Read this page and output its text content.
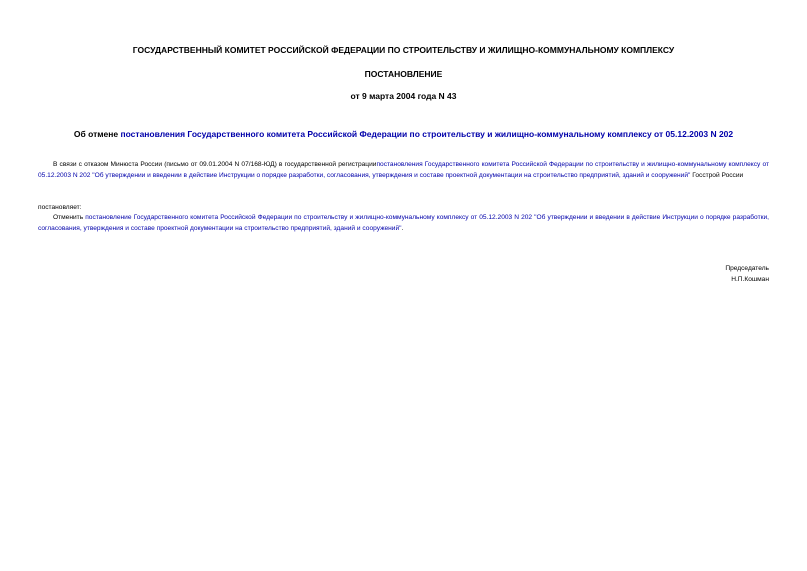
ГОСУДАРСТВЕННЫЙ КОМИТЕТ РОССИЙСКОЙ ФЕДЕРАЦИИ ПО СТРОИТЕЛЬСТВУ И ЖИЛИЩНО-КОММУНАЛЬНОМУ КОМПЛЕКСУ
ПОСТАНОВЛЕНИЕ
от 9 марта 2004 года N 43
Об отмене постановления Государственного комитета Российской Федерации по строительству и жилищно-коммунальному комплексу от 05.12.2003 N 202
В связи с отказом Минюста России (письмо от 09.01.2004 N 07/168-ЮД) в государственной регистрациипостановления Государственного комитета Российской Федерации по строительству и жилищно-коммунальному комплексу от 05.12.2003 N 202 "Об утверждении и введении в действие Инструкции о порядке разработки, согласования, утверждения и составе проектной документации на строительство предприятий, зданий и сооружений" Госстрой России
постановляет:
Отменить постановление Государственного комитета Российской Федерации по строительству и жилищно-коммунальному комплексу от 05.12.2003 N 202 "Об утверждении и введении в действие Инструкции о порядке разработки, согласования, утверждения и составе проектной документации на строительство предприятий, зданий и сооружений".
Председатель
Н.П.Кошман
